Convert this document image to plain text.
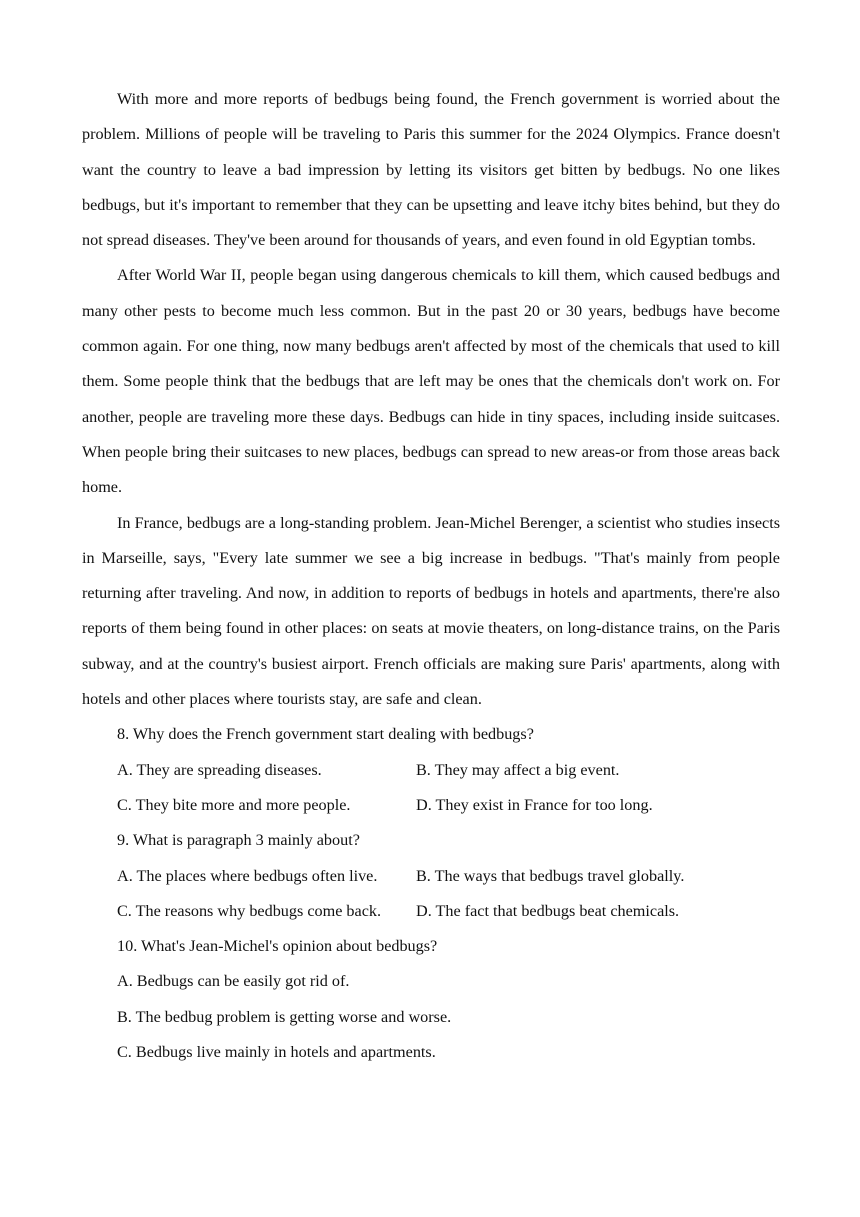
With more and more reports of bedbugs being found, the French government is worried about the problem. Millions of people will be traveling to Paris this summer for the 2024 Olympics. France doesn't want the country to leave a bad impression by letting its visitors get bitten by bedbugs. No one likes bedbugs, but it's important to remember that they can be upsetting and leave itchy bites behind, but they do not spread diseases. They've been around for thousands of years, and even found in old Egyptian tombs.

After World War II, people began using dangerous chemicals to kill them, which caused bedbugs and many other pests to become much less common. But in the past 20 or 30 years, bedbugs have become common again. For one thing, now many bedbugs aren't affected by most of the chemicals that used to kill them. Some people think that the bedbugs that are left may be ones that the chemicals don't work on. For another, people are traveling more these days. Bedbugs can hide in tiny spaces, including inside suitcases. When people bring their suitcases to new places, bedbugs can spread to new areas-or from those areas back home.

In France, bedbugs are a long-standing problem. Jean-Michel Berenger, a scientist who studies insects in Marseille, says, "Every late summer we see a big increase in bedbugs. "That's mainly from people returning after traveling. And now, in addition to reports of bedbugs in hotels and apartments, there're also reports of them being found in other places: on seats at movie theaters, on long-distance trains, on the Paris subway, and at the country's busiest airport. French officials are making sure Paris' apartments, along with hotels and other places where tourists stay, are safe and clean.

8. Why does the French government start dealing with bedbugs?
A. They are spreading diseases.	B. They may affect a big event.
C. They bite more and more people.	D. They exist in France for too long.
9. What is paragraph 3 mainly about?
A. The places where bedbugs often live.	B. The ways that bedbugs travel globally.
C. The reasons why bedbugs come back.	D. The fact that bedbugs beat chemicals.
10. What's Jean-Michel's opinion about bedbugs?
A. Bedbugs can be easily got rid of.
B. The bedbug problem is getting worse and worse.
C. Bedbugs live mainly in hotels and apartments.
